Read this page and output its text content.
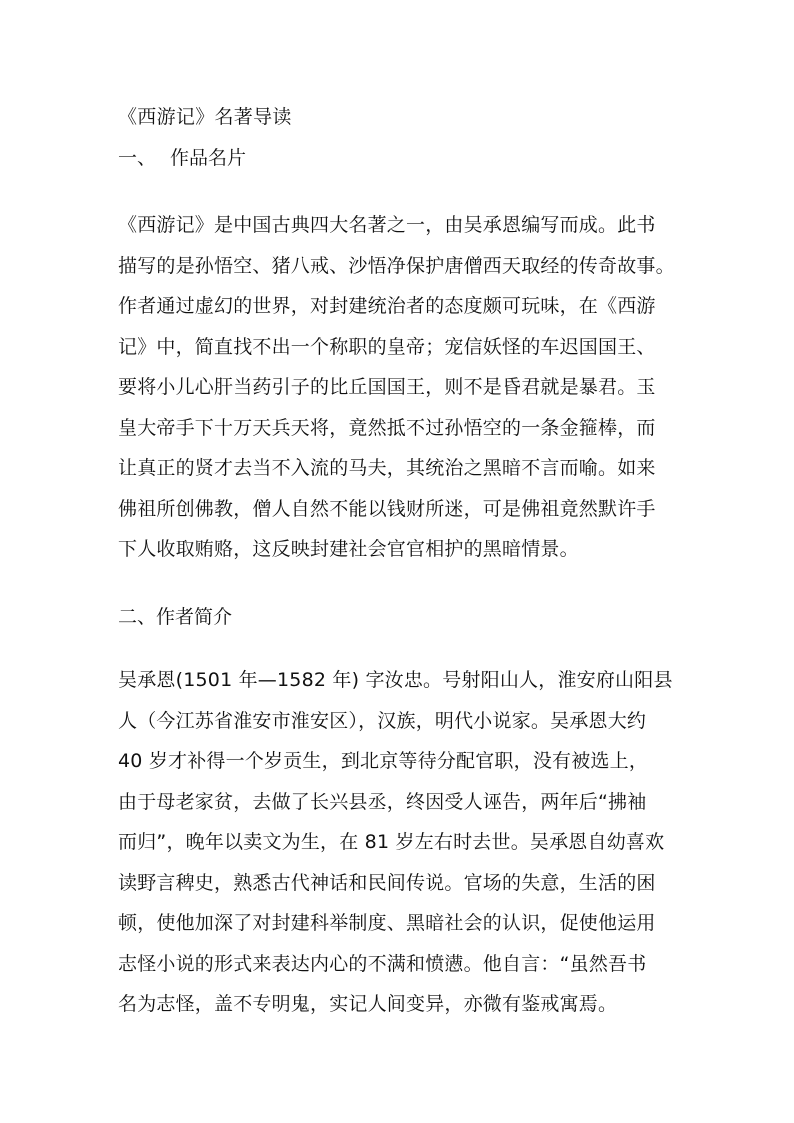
《西游记》名著导读
一、 作品名片
《西游记》是中国古典四大名著之一，由吴承恩编写而成。此书
描写的是孙悟空、猪八戒、沙悟净保护唐僧西天取经的传奇故事。
作者通过虚幻的世界，对封建统治者的态度颇可玩味，在《西游
记》中，简直找不出一个称职的皇帝；宠信妖怪的车迟国国王、
要将小儿心肝当药引子的比丘国国王，则不是昏君就是暴君。玉
皇大帝手下十万天兵天将，竟然抵不过孙悟空的一条金箍棒，而
让真正的贤才去当不入流的马夫，其统治之黑暗不言而喻。如来
佛祖所创佛教，僧人自然不能以钱财所迷，可是佛祖竟然默许手
下人收取贿赂，这反映封建社会官官相护的黑暗情景。
二、作者简介
吴承恩(1501 年—1582 年) 字汝忠。号射阳山人，淮安府山阳县
人（今江苏省淮安市淮安区），汉族，明代小说家。吴承恩大约
40 岁才补得一个岁贡生，到北京等待分配官职，没有被选上，
由于母老家贫，去做了长兴县丞，终因受人诬告，两年后“拂袖
而归”，晚年以卖文为生，在 81 岁左右时去世。吴承恩自幼喜欢
读野言稗史，熟悉古代神话和民间传说。官场的失意，生活的困
顿，使他加深了对封建科举制度、黑暗社会的认识，促使他运用
志怪小说的形式来表达内心的不满和愤懑。他自言：“虽然吾书
名为志怪，盖不专明鬼，实记人间变异，亦微有鉴戒寓焉。
